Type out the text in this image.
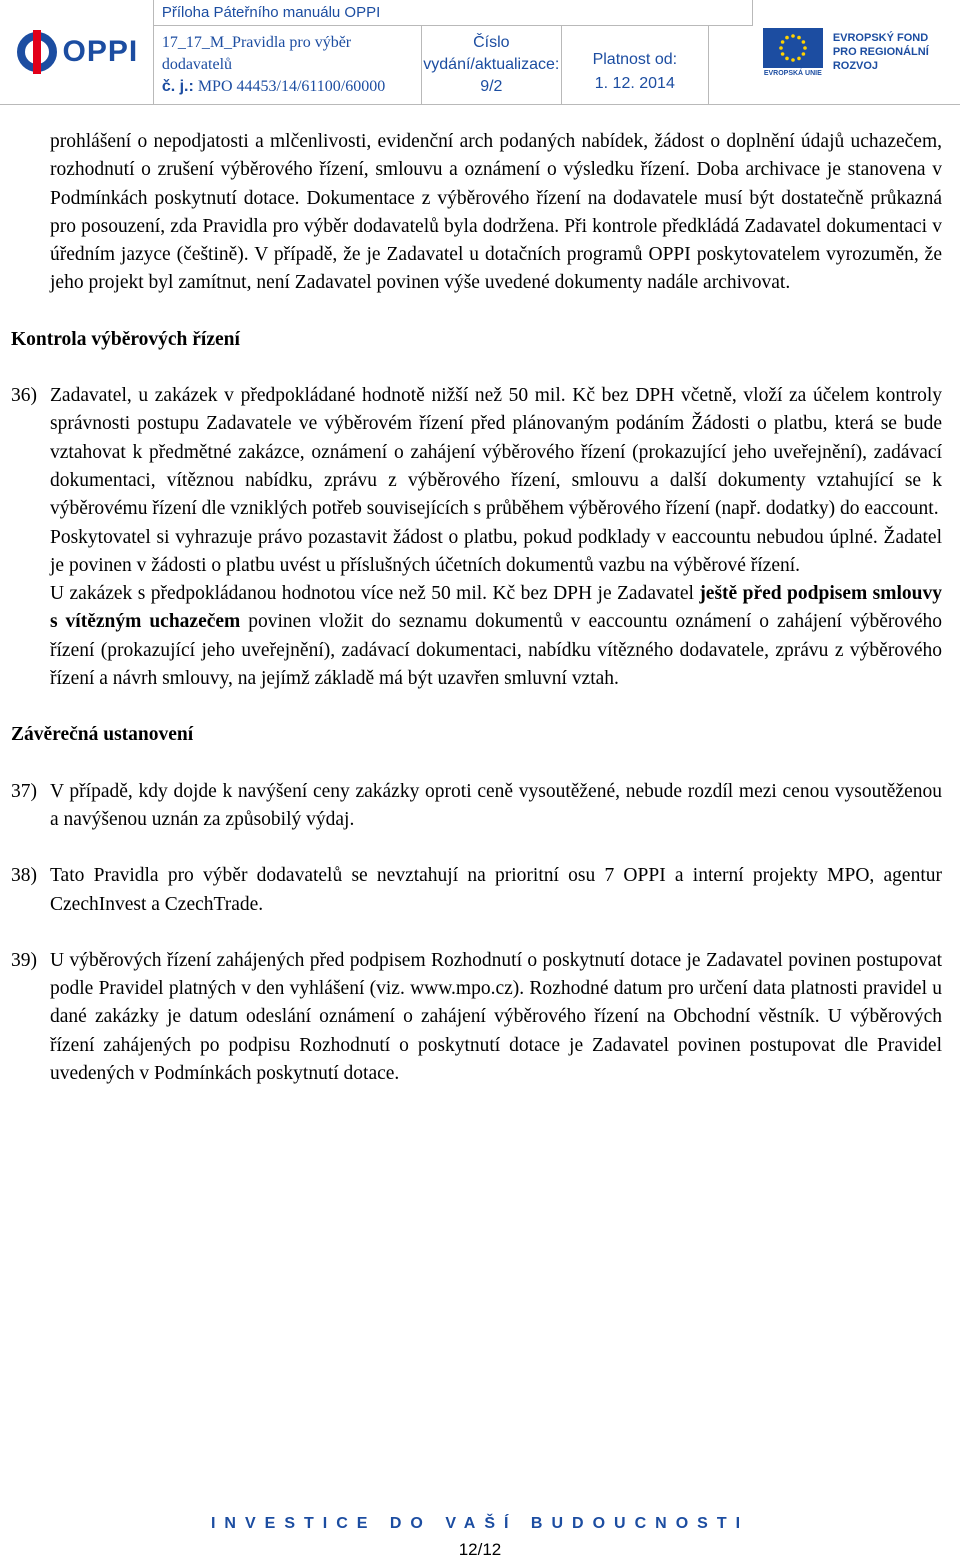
OPPI
Příloha Páteřního manuálu OPPI
17_17_M_Pravidla pro výběr dodavatelů
č. j.: MPO 44453/14/61100/60000
Číslo
vydání/aktualizace:
9/2
Platnost od:
1. 12. 2014
EVROPSKÁ UNIE
EVROPSKÝ FOND
PRO REGIONÁLNÍ
ROZVOJ

prohlášení o nepodjatosti a mlčenlivosti, evidenční arch podaných nabídek, žádost o doplnění údajů uchazečem, rozhodnutí o zrušení výběrového řízení, smlouvu a oznámení o výsledku řízení. Doba archivace je stanovena v Podmínkách poskytnutí dotace. Dokumentace z výběrového řízení na dodavatele musí být dostatečně průkazná pro posouzení, zda Pravidla pro výběr dodavatelů byla dodržena. Při kontrole předkládá Zadavatel dokumentaci v úředním jazyce (češtině). V případě, že je Zadavatel u dotačních programů OPPI poskytovatelem vyrozuměn, že jeho projekt byl zamítnut, není Zadavatel povinen výše uvedené dokumenty nadále archivovat.

Kontrola výběrových řízení
36) Zadavatel, u zakázek v předpokládané hodnotě nižší než 50 mil. Kč bez DPH včetně, vloží za účelem kontroly správnosti postupu Zadavatele ve výběrovém řízení před plánovaným podáním Žádosti o platbu, která se bude vztahovat k předmětné zakázce, oznámení o zahájení výběrového řízení (prokazující jeho uveřejnění), zadávací dokumentaci, vítěznou nabídku, zprávu z výběrového řízení, smlouvu a další dokumenty vztahující se k výběrovému řízení dle vzniklých potřeb souvisejících s průběhem výběrového řízení (např. dodatky) do eaccount.

Poskytovatel si vyhrazuje právo pozastavit žádost o platbu, pokud podklady v eaccountu nebudou úplné. Žadatel je povinen v žádosti o platbu uvést u příslušných účetních dokumentů vazbu na výběrové řízení.

U zakázek s předpokládanou hodnotou více než 50 mil. Kč bez DPH je Zadavatel ještě před podpisem smlouvy s vítězným uchazečem povinen vložit do seznamu dokumentů v eaccountu oznámení o zahájení výběrového řízení (prokazující jeho uveřejnění), zadávací dokumentaci, nabídku vítězného dodavatele, zprávu z výběrového řízení a návrh smlouvy, na jejímž základě má být uzavřen smluvní vztah.

Závěrečná ustanovení
37) V případě, kdy dojde k navýšení ceny zakázky oproti ceně vysoutěžené, nebude rozdíl mezi cenou vysoutěženou a navýšenou uznán za způsobilý výdaj.

38) Tato Pravidla pro výběr dodavatelů se nevztahují na prioritní osu 7 OPPI a interní projekty MPO, agentur CzechInvest a CzechTrade.

39) U výběrových řízení zahájených před podpisem Rozhodnutí o poskytnutí dotace je Zadavatel povinen postupovat podle Pravidel platných v den vyhlášení (viz. www.mpo.cz). Rozhodné datum pro určení data platnosti pravidel u dané zakázky je datum odeslání oznámení o zahájení výběrového řízení na Obchodní věstník. U výběrových řízení zahájených po podpisu Rozhodnutí o poskytnutí dotace je Zadavatel povinen postupovat dle Pravidel uvedených v Podmínkách poskytnutí dotace.

INVESTICE DO VAŠÍ BUDOUCNOSTI
12/12
